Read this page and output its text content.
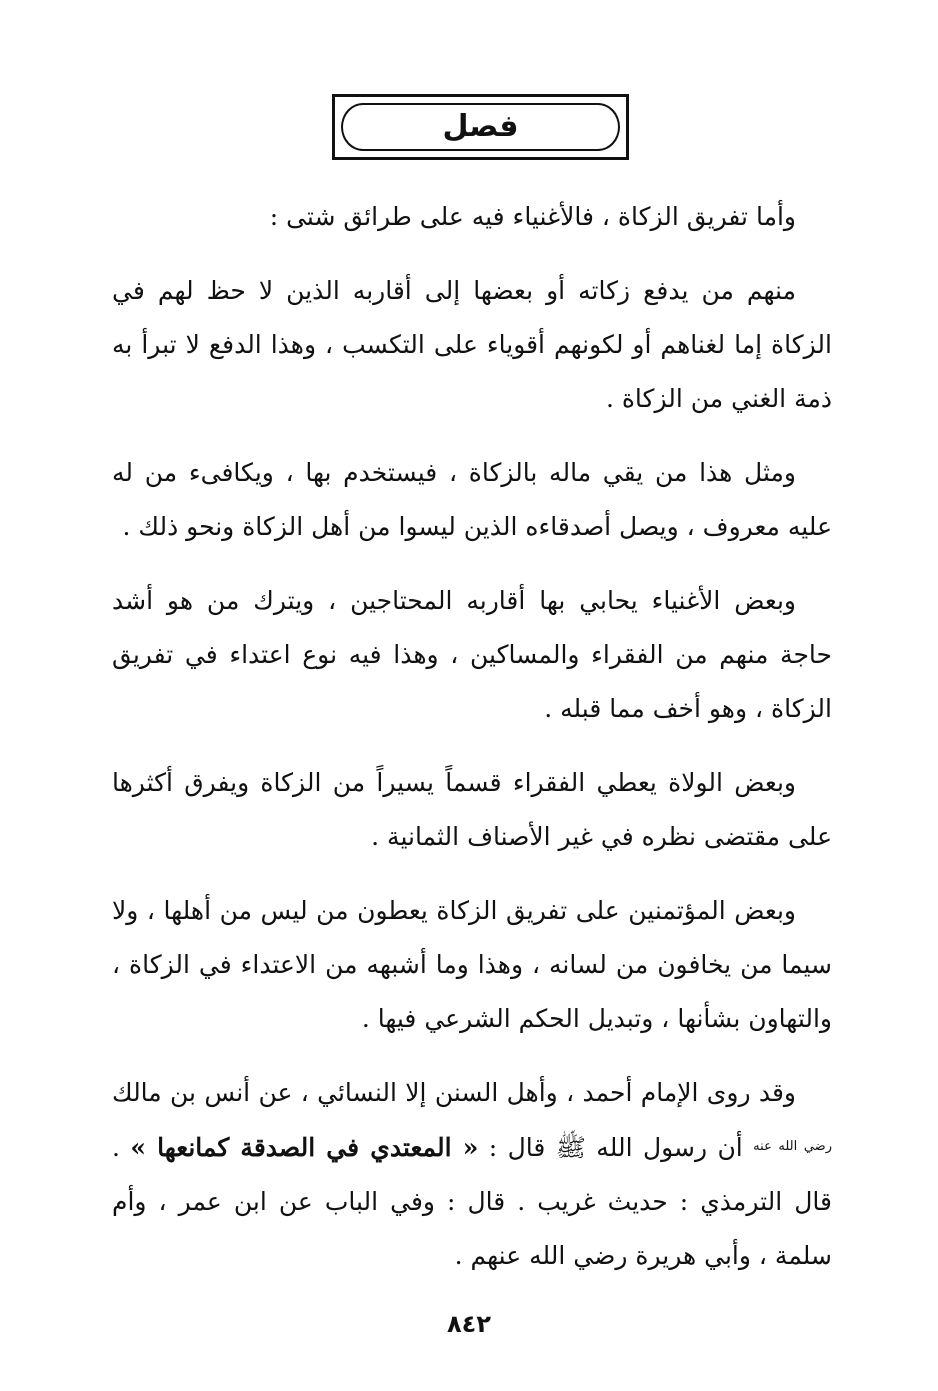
فصل

وأما تفريق الزكاة ، فالأغنياء فيه على طرائق شتى :

منهم من يدفع زكاته أو بعضها إلى أقاربه الذين لا حظ لهم في الزكاة إما لغناهم أو لكونهم أقوياء على التكسب ، وهذا الدفع لا تبرأ به ذمة الغني من الزكاة .

ومثل هذا من يقي ماله بالزكاة ، فيستخدم بها ، ويكافىء من له عليه معروف ، ويصل أصدقاءه الذين ليسوا من أهل الزكاة ونحو ذلك .

وبعض الأغنياء يحابي بها أقاربه المحتاجين ، ويترك من هو أشد حاجة منهم من الفقراء والمساكين ، وهذا فيه نوع اعتداء في تفريق الزكاة ، وهو أخف مما قبله .

وبعض الولاة يعطي الفقراء قسماً يسيراً من الزكاة ويفرق أكثرها على مقتضى نظره في غير الأصناف الثمانية .

وبعض المؤتمنين على تفريق الزكاة يعطون من ليس من أهلها ، ولا سيما من يخافون من لسانه ، وهذا وما أشبهه من الاعتداء في الزكاة ، والتهاون بشأنها ، وتبديل الحكم الشرعي فيها .

وقد روى الإمام أحمد ، وأهل السنن إلا النسائي ، عن أنس بن مالك $^{رضي الله عنه}$ أن رسول الله ﷺ قال : « المعتدي في الصدقة كمانعها » . قال الترمذي : حديث غريب . قال : وفي الباب عن ابن عمر ، وأم سلمة ، وأبي هريرة رضي الله عنهم .

٨٤٢
